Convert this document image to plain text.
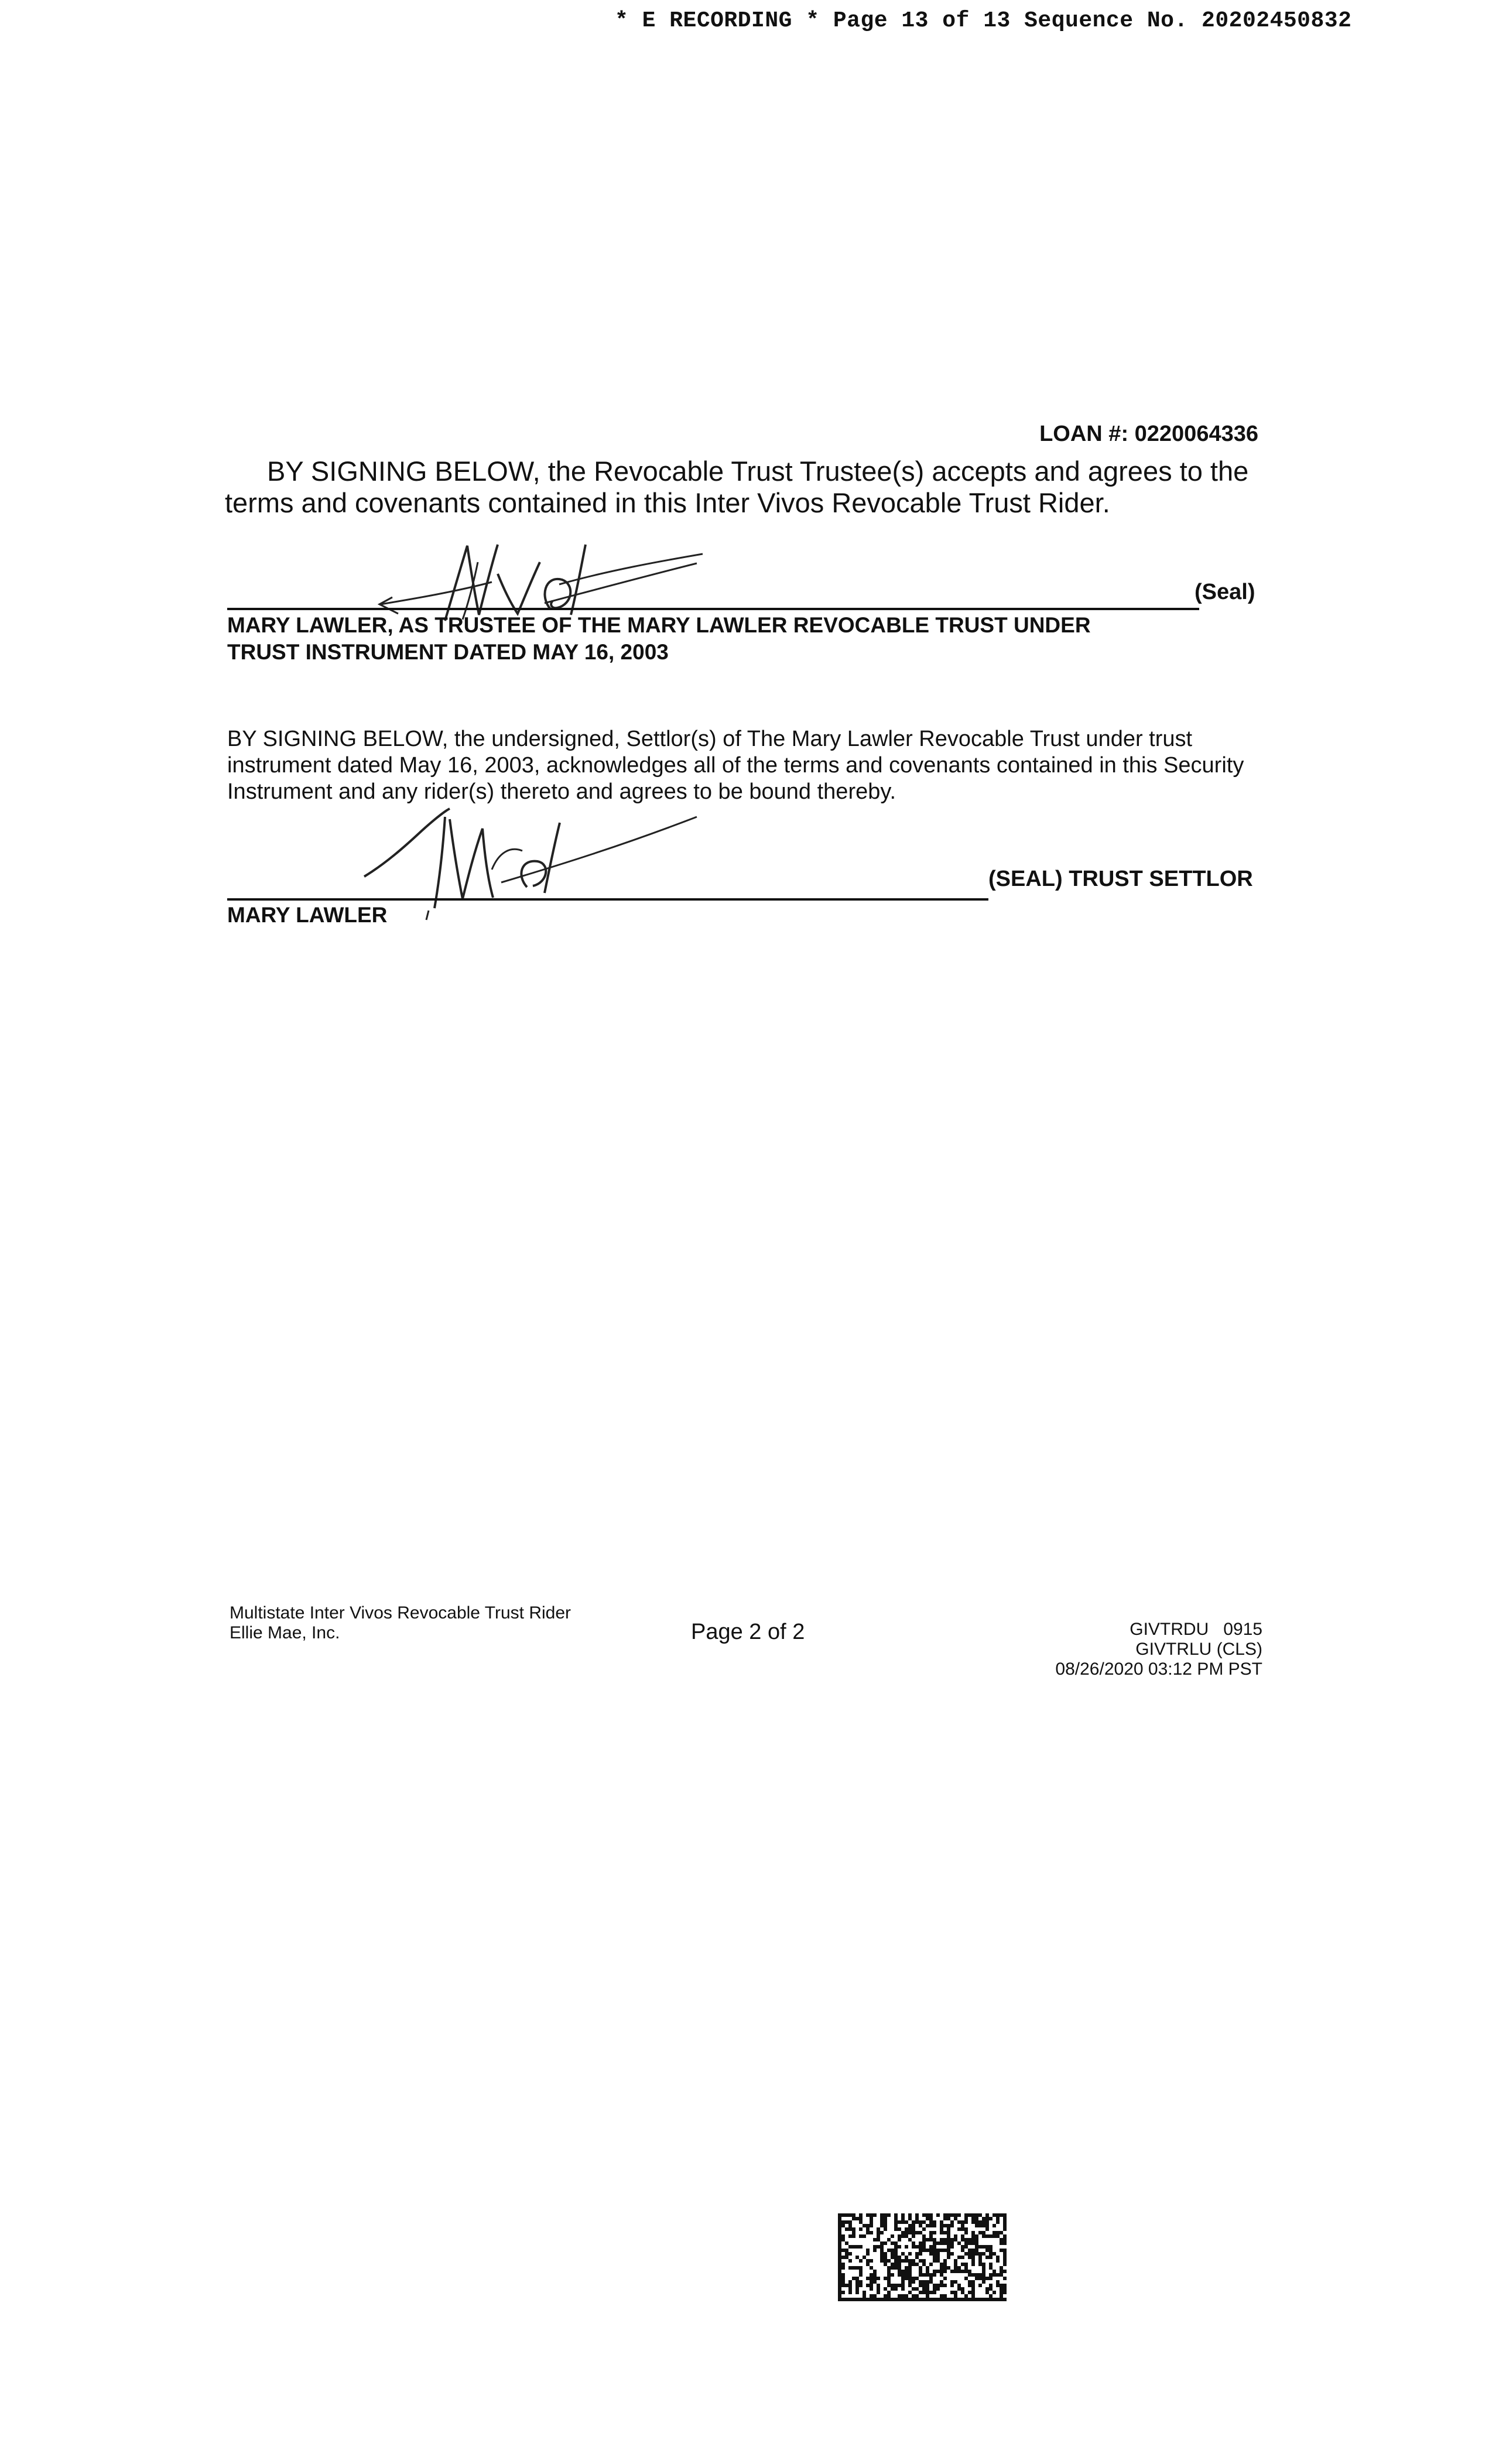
* E RECORDING * Page 13 of 13 Sequence No. 20202450832
LOAN #: 0220064336
BY SIGNING BELOW, the Revocable Trust Trustee(s) accepts and agrees to the terms and covenants contained in this Inter Vivos Revocable Trust Rider.
(Seal)
MARY LAWLER, AS TRUSTEE OF THE MARY LAWLER REVOCABLE TRUST UNDER
TRUST INSTRUMENT DATED MAY 16, 2003
BY SIGNING BELOW, the undersigned, Settlor(s) of The Mary Lawler Revocable Trust under trust instrument dated May 16, 2003, acknowledges all of the terms and covenants contained in this Security Instrument and any rider(s) thereto and agrees to be bound thereby.
(SEAL) TRUST SETTLOR
MARY LAWLER
Multistate Inter Vivos Revocable Trust Rider
Ellie Mae, Inc.	Page 2 of 2	GIVTRDU   0915
GIVTRLU (CLS)
08/26/2020 03:12 PM PST
